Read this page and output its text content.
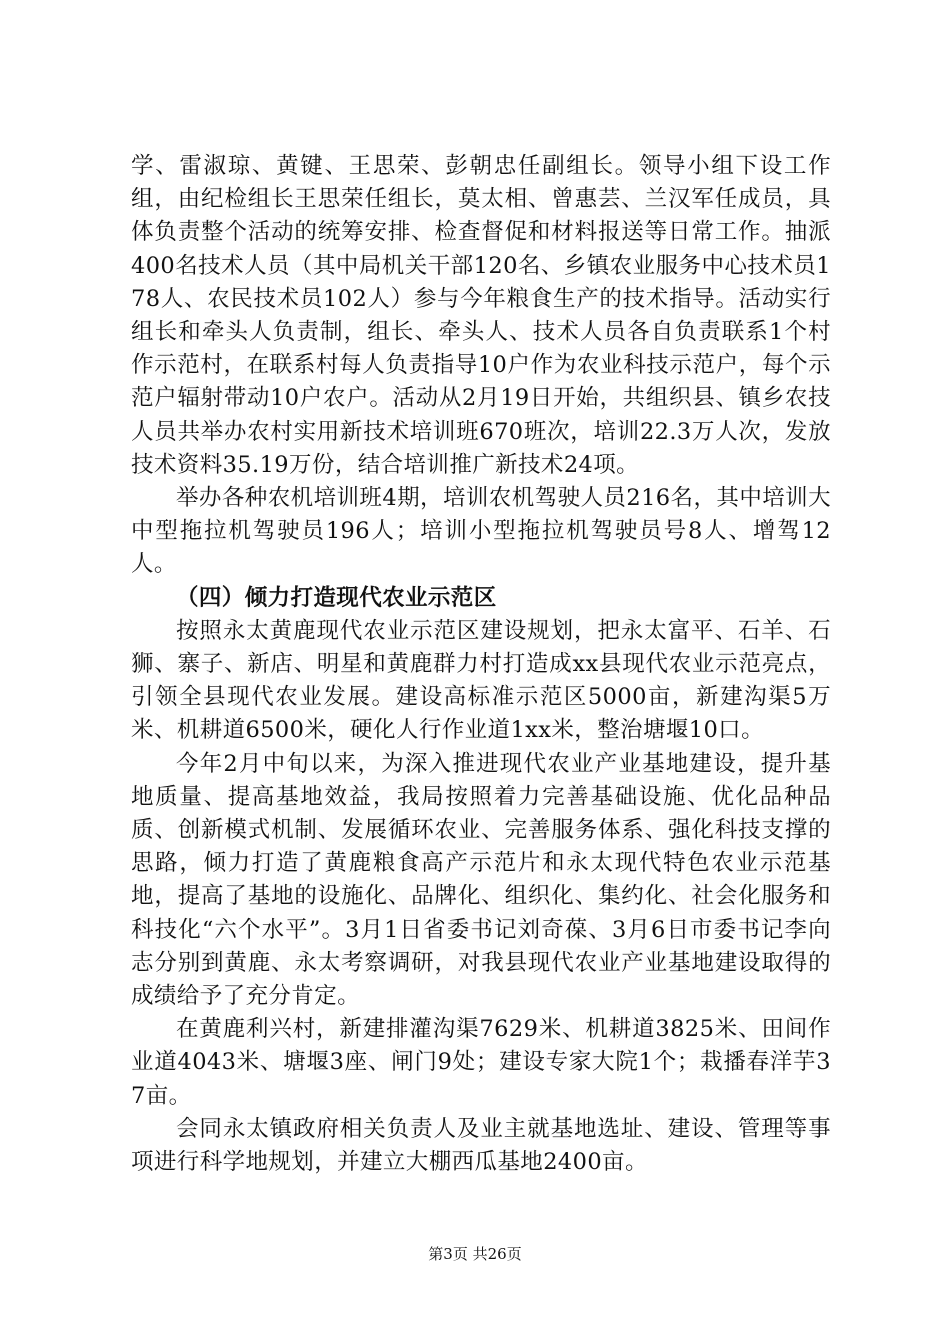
学、雷淑琼、黄键、王思荣、彭朝忠任副组长。领导小组下设工作组，由纪检组长王思荣任组长，莫太相、曾惠芸、兰汉军任成员，具体负责整个活动的统筹安排、检查督促和材料报送等日常工作。抽派400名技术人员（其中局机关干部120名、乡镇农业服务中心技术员178人、农民技术员102人）参与今年粮食生产的技术指导。活动实行组长和牵头人负责制，组长、牵头人、技术人员各自负责联系1个村作示范村，在联系村每人负责指导10户作为农业科技示范户，每个示范户辐射带动10户农户。活动从2月19日开始，共组织县、镇乡农技人员共举办农村实用新技术培训班670班次，培训22.3万人次，发放技术资料35.19万份，结合培训推广新技术24项。

举办各种农机培训班4期，培训农机驾驶人员216名，其中培训大中型拖拉机驾驶员196人；培训小型拖拉机驾驶员号8人、增驾12人。

（四）倾力打造现代农业示范区

按照永太黄鹿现代农业示范区建设规划，把永太富平、石羊、石狮、寨子、新店、明星和黄鹿群力村打造成xx县现代农业示范亮点，引领全县现代农业发展。建设高标准示范区5000亩，新建沟渠5万米、机耕道6500米，硬化人行作业道1xx米，整治塘堰10口。

今年2月中旬以来，为深入推进现代农业产业基地建设，提升基地质量、提高基地效益，我局按照着力完善基础设施、优化品种品质、创新模式机制、发展循环农业、完善服务体系、强化科技支撑的思路，倾力打造了黄鹿粮食高产示范片和永太现代特色农业示范基地，提高了基地的设施化、品牌化、组织化、集约化、社会化服务和科技化“六个水平”。3月1日省委书记刘奇葆、3月6日市委书记李向志分别到黄鹿、永太考察调研，对我县现代农业产业基地建设取得的成绩给予了充分肯定。

在黄鹿利兴村，新建排灌沟渠7629米、机耕道3825米、田间作业道4043米、塘堰3座、闸门9处；建设专家大院1个；栽播春洋芋37亩。

会同永太镇政府相关负责人及业主就基地选址、建设、管理等事项进行科学地规划，并建立大棚西瓜基地2400亩。

第3页 共26页
